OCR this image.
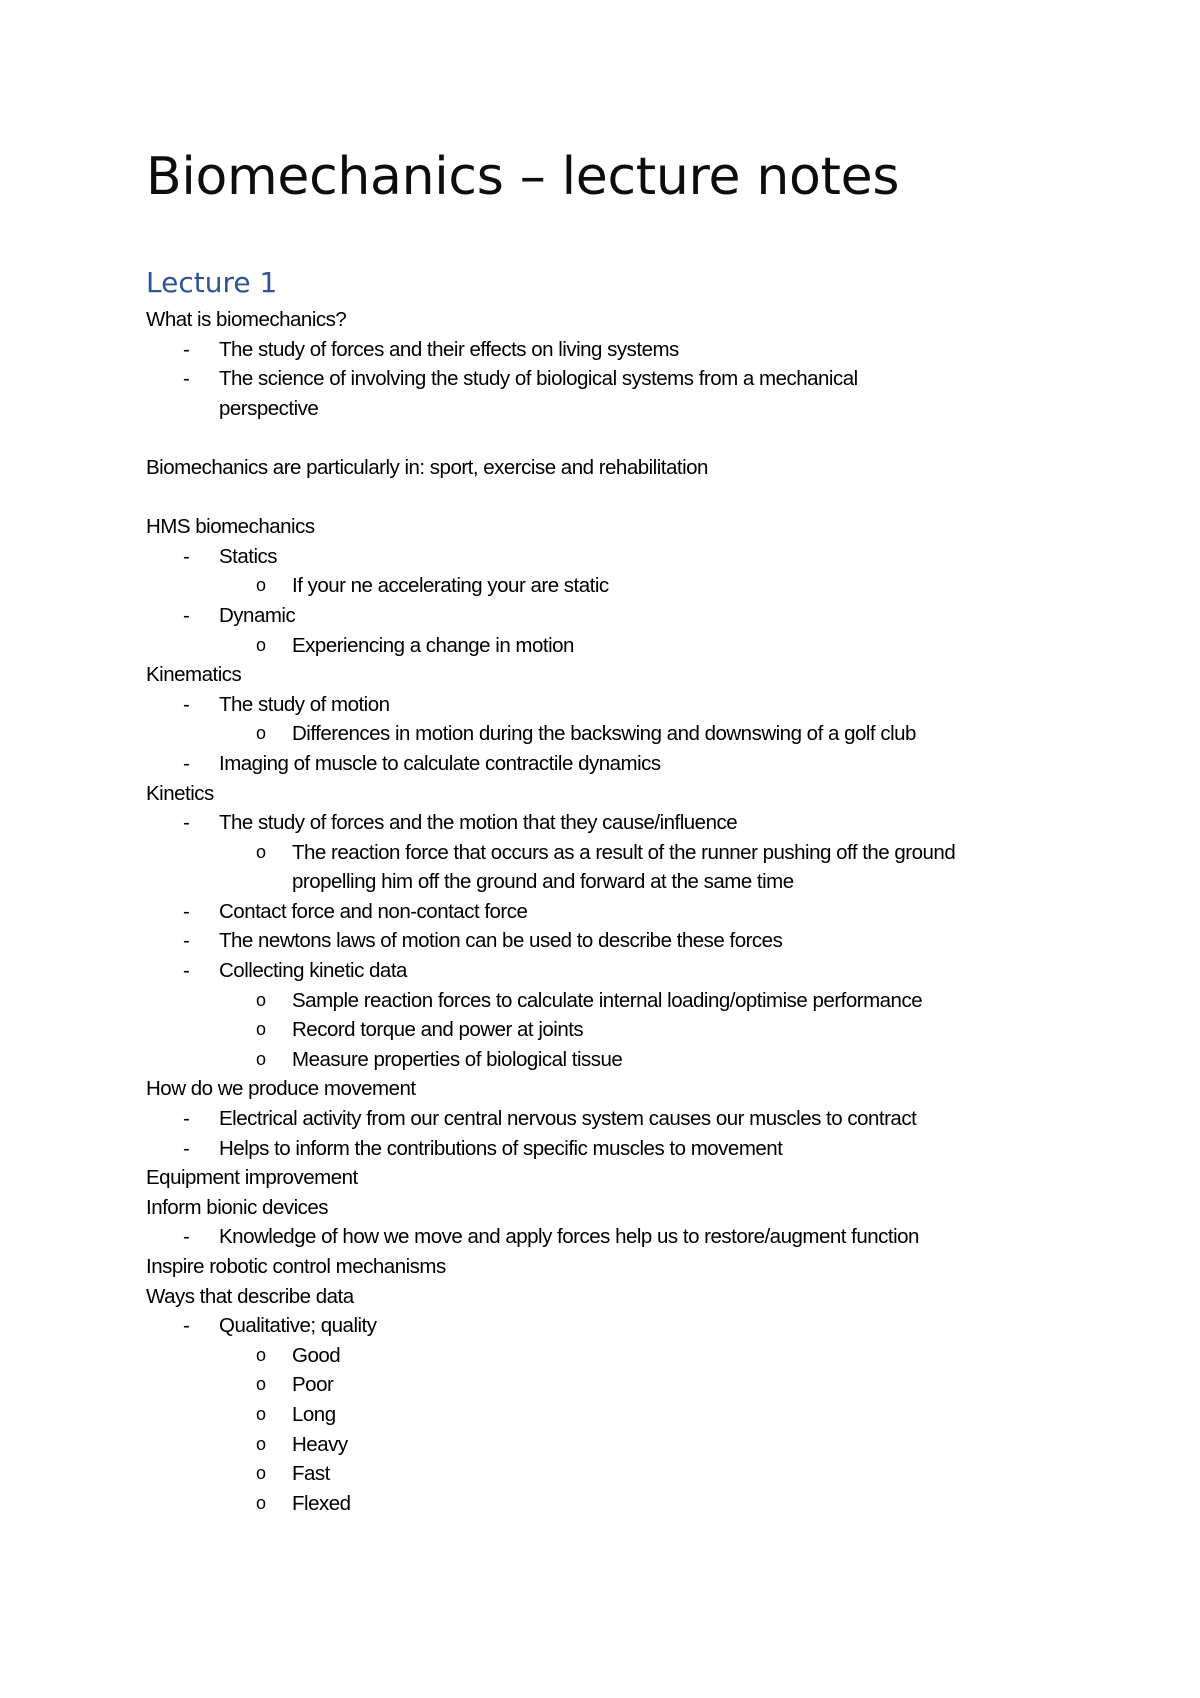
Biomechanics – lecture notes
Lecture 1
What is biomechanics?
- The study of forces and their effects on living systems
- The science of involving the study of biological systems from a mechanical
perspective
Biomechanics are particularly in: sport, exercise and rehabilitation
HMS biomechanics
- Statics
o If your ne accelerating your are static
- Dynamic
o Experiencing a change in motion
Kinematics
- The study of motion
o Differences in motion during the backswing and downswing of a golf club
- Imaging of muscle to calculate contractile dynamics
Kinetics
- The study of forces and the motion that they cause/influence
o The reaction force that occurs as a result of the runner pushing off the ground
propelling him off the ground and forward at the same time
- Contact force and non-contact force
- The newtons laws of motion can be used to describe these forces
- Collecting kinetic data
o Sample reaction forces to calculate internal loading/optimise performance
o Record torque and power at joints
o Measure properties of biological tissue
How do we produce movement
- Electrical activity from our central nervous system causes our muscles to contract
- Helps to inform the contributions of specific muscles to movement
Equipment improvement
Inform bionic devices
- Knowledge of how we move and apply forces help us to restore/augment function
Inspire robotic control mechanisms
Ways that describe data
- Qualitative; quality
o Good
o Poor
o Long
o Heavy
o Fast
o Flexed
